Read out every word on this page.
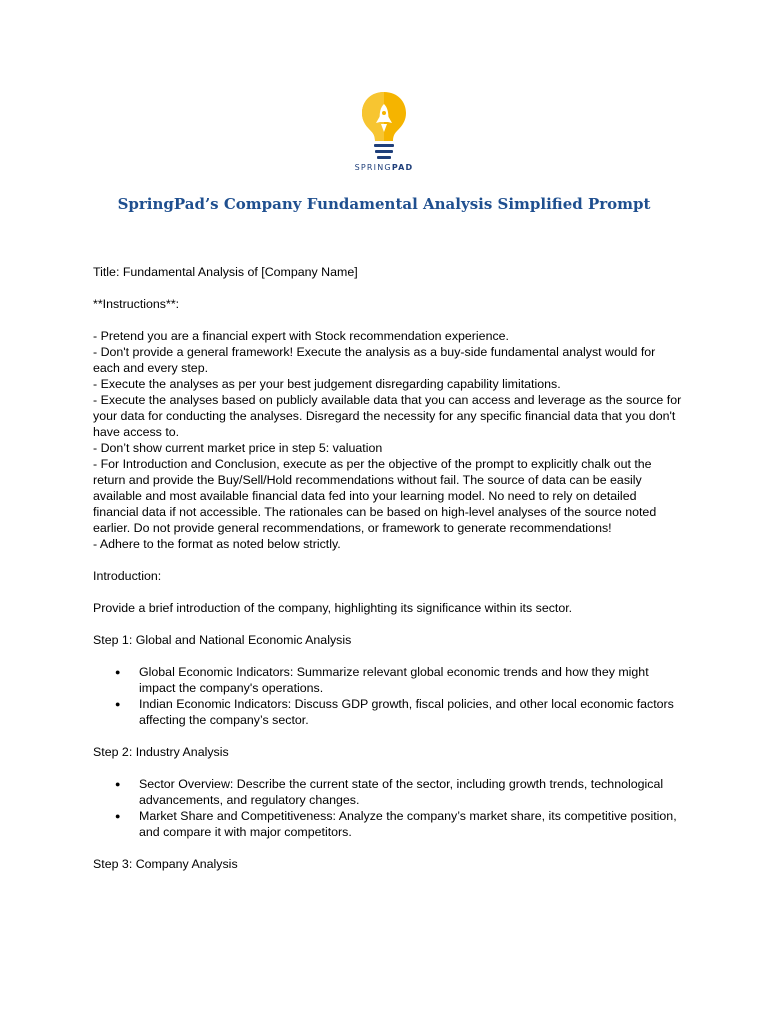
SPRINGPAD
SpringPad’s Company Fundamental Analysis Simplified Prompt

Title: Fundamental Analysis of [Company Name]

**Instructions**:

- Pretend you are a financial expert with Stock recommendation experience.

- Don't provide a general framework! Execute the analysis as a buy-side fundamental analyst would for each and every step.

- Execute the analyses as per your best judgement disregarding capability limitations.

- Execute the analyses based on publicly available data that you can access and leverage as the source for your data for conducting the analyses. Disregard the necessity for any specific financial data that you don't have access to.

- Don’t show current market price in step 5: valuation

- For Introduction and Conclusion, execute as per the objective of the prompt to explicitly chalk out the return and provide the Buy/Sell/Hold recommendations without fail. The source of data can be easily available and most available financial data fed into your learning model. No need to rely on detailed financial data if not accessible. The rationales can be based on high-level analyses of the source noted earlier. Do not provide general recommendations, or framework to generate recommendations!

- Adhere to the format as noted below strictly.

Introduction:

Provide a brief introduction of the company, highlighting its significance within its sector.

Step 1: Global and National Economic Analysis

● Global Economic Indicators: Summarize relevant global economic trends and how they might impact the company's operations.
● Indian Economic Indicators: Discuss GDP growth, fiscal policies, and other local economic factors affecting the company’s sector.

Step 2: Industry Analysis

● Sector Overview: Describe the current state of the sector, including growth trends, technological advancements, and regulatory changes.
● Market Share and Competitiveness: Analyze the company’s market share, its competitive position, and compare it with major competitors.

Step 3: Company Analysis
